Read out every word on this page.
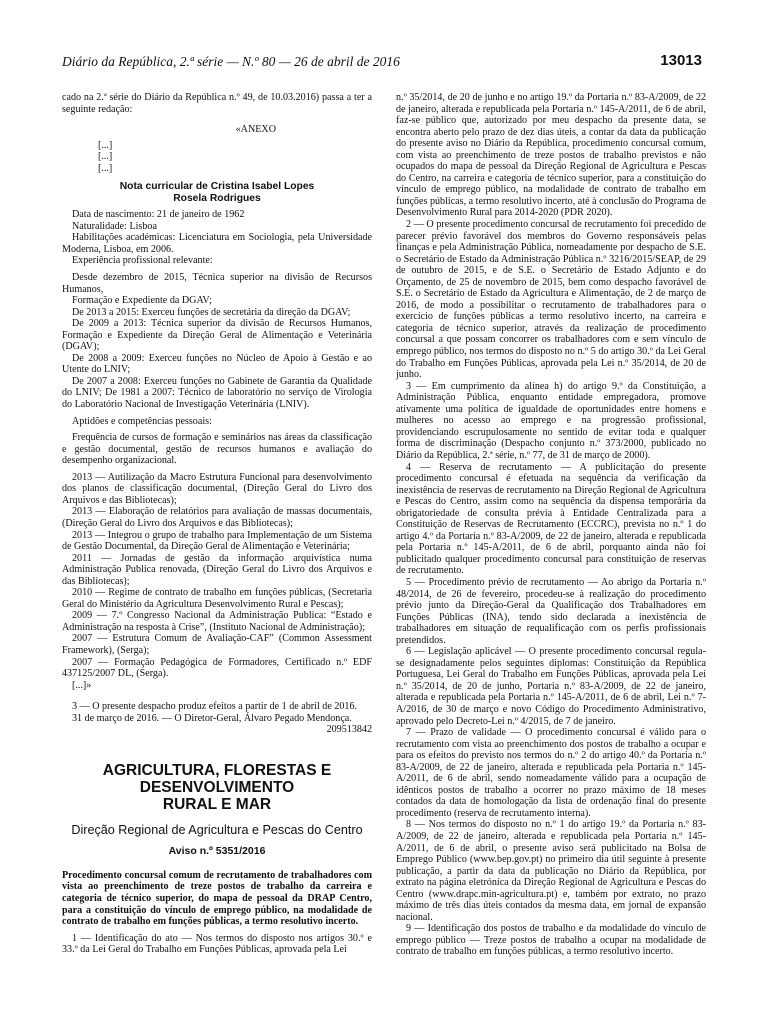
Diário da República, 2.ª série — N.º 80 — 26 de abril de 2016	13013

cado na 2.ª série do Diário da República n.º 49, de 10.03.2016) passa a ter a seguinte redação:

«ANEXO

[...]

[...]

[...]

Nota curricular de Cristina Isabel Lopes
Rosela Rodrigues

Data de nascimento: 21 de janeiro de 1962

Naturalidade: Lisboa

Habilitações académicas: Licenciatura em Sociologia, pela Universidade Moderna, Lisboa, em 2006.

Experiência profissional relevante:

Desde dezembro de 2015, Técnica superior na divisão de Recursos Humanos,

Formação e Expediente da DGAV;

De 2013 a 2015: Exerceu funções de secretária da direção da DGAV;

De 2009 a 2013: Técnica superior da divisão de Recursos Humanos, Formação e Expediente da Direção Geral de Alimentação e Veterinária (DGAV);

De 2008 a 2009: Exerceu funções no Núcleo de Apoio à Gestão e ao Utente do LNIV;

De 2007 a 2008: Exerceu funções no Gabinete de Garantia da Qualidade do LNIV; De 1981 a 2007: Técnico de laboratório no serviço de Virologia do Laboratório Nacional de Investigação Veterinária (LNIV).

Aptidões e competências pessoais:

Frequência de cursos de formação e seminários nas áreas da classificação e gestão documental, gestão de recursos humanos e avaliação do desempenho organizacional.

2013 — Autilização da Macro Estrutura Funcional para desenvolvimento dos planos de classificação documental, (Direção Geral do Livro dos Arquivos e das Bibliotecas);

2013 — Elaboração de relatórios para avaliação de massas documentais, (Direção Geral do Livro dos Arquivos e das Bibliotecas);

2013 — Integrou o grupo de trabalho para Implementação de um Sistema de Gestão Documental, da Direção Geral de Alimentação e Veterinária;

2011 — Jornadas de gestão da informação arquivística numa Administração Publica renovada, (Direção Geral do Livro dos Arquivos e das Bibliotecas);

2010 — Regime de contrato de trabalho em funções públicas, (Secretaria Geral do Ministério da Agricultura Desenvolvimento Rural e Pescas);

2009 — 7.º Congresso Nacional da Administração Publica: “Estado e Administração na resposta à Crise”, (Instituto Nacional de Administração);

2007 — Estrutura Comum de Avaliação-CAF” (Common Assessment Framework), (Serga);

2007 — Formação Pedagógica de Formadores, Certificado n.º EDF 437125/2007 DL, (Serga).

[...]»

3 — O presente despacho produz efeitos a partir de 1 de abril de 2016.

31 de março de 2016. — O Diretor-Geral, Álvaro Pegado Mendonça.

209513842
AGRICULTURA, FLORESTAS E DESENVOLVIMENTO
RURAL E MAR
Direção Regional de Agricultura e Pescas do Centro
Aviso n.º 5351/2016

Procedimento concursal comum de recrutamento de trabalhadores com vista ao preenchimento de treze postos de trabalho da carreira e categoria de técnico superior, do mapa de pessoal da DRAP Centro, para a constituição do vínculo de emprego público, na modalidade de contrato de trabalho em funções públicas, a termo resolutivo incerto.

1 — Identificação do ato — Nos termos do disposto nos artigos 30.º e 33.º da Lei Geral do Trabalho em Funções Públicas, aprovada pela Lei

n.º 35/2014, de 20 de junho e no artigo 19.º da Portaria n.º 83-A/2009, de 22 de janeiro, alterada e republicada pela Portaria n.º 145-A/2011, de 6 de abril, faz-se público que, autorizado por meu despacho da presente data, se encontra aberto pelo prazo de dez dias úteis, a contar da data da publicação do presente aviso no Diário da República, procedimento concursal comum, com vista ao preenchimento de treze postos de trabalho previstos e não ocupados do mapa de pessoal da Direção Regional de Agricultura e Pescas do Centro, na carreira e categoria de técnico superior, para a constituição do vínculo de emprego público, na modalidade de contrato de trabalho em funções públicas, a termo resolutivo incerto, até à conclusão do Programa de Desenvolvimento Rural para 2014-2020 (PDR 2020).

2 — O presente procedimento concursal de recrutamento foi precedido de parecer prévio favorável dos membros do Governo responsáveis pelas finanças e pela Administração Pública, nomeadamente por despacho de S.E. o Secretário de Estado da Administração Pública n.º 3216/2015/SEAP, de 29 de outubro de 2015, e de S.E. o Secretário de Estado Adjunto e do Orçamento, de 25 de novembro de 2015, bem como despacho favorável de S.E. o Secretário de Estado da Agricultura e Alimentação, de 2 de março de 2016, de modo a possibilitar o recrutamento de trabalhadores para o exercício de funções públicas a termo resolutivo incerto, na carreira e categoria de técnico superior, através da realização de procedimento concursal a que possam concorrer os trabalhadores com e sem vínculo de emprego público, nos termos do disposto no n.º 5 do artigo 30.º da Lei Geral do Trabalho em Funções Públicas, aprovada pela Lei n.º 35/2014, de 20 de junho.

3 — Em cumprimento da alínea h) do artigo 9.º da Constituição, a Administração Pública, enquanto entidade empregadora, promove ativamente uma política de igualdade de oportunidades entre homens e mulheres no acesso ao emprego e na progressão profissional, providenciando escrupulosamente no sentido de evitar toda e qualquer forma de discriminação (Despacho conjunto n.º 373/2000, publicado no Diário da República, 2.ª série, n.º 77, de 31 de março de 2000).

4 — Reserva de recrutamento — A publicitação do presente procedimento concursal é efetuada na sequência da verificação da inexistência de reservas de recrutamento na Direção Regional de Agricultura e Pescas do Centro, assim como na sequência da dispensa temporária da obrigatoriedade de consulta prévia à Entidade Centralizada para a Constituição de Reservas de Recrutamento (ECCRC), prevista no n.º 1 do artigo 4.º da Portaria n.º 83-A/2009, de 22 de janeiro, alterada e republicada pela Portaria n.º 145-A/2011, de 6 de abril, porquanto ainda não foi publicitado qualquer procedimento concursal para constituição de reservas de recrutamento.

5 — Procedimento prévio de recrutamento — Ao abrigo da Portaria n.º 48/2014, de 26 de fevereiro, procedeu-se à realização do procedimento prévio junto da Direção-Geral da Qualificação dos Trabalhadores em Funções Públicas (INA), tendo sido declarada a inexistência de trabalhadores em situação de requalificação com os perfis profissionais pretendidos.

6 — Legislação aplicável — O presente procedimento concursal regula-se designadamente pelos seguintes diplomas: Constituição da República Portuguesa, Lei Geral do Trabalho em Funções Públicas, aprovada pela Lei n.º 35/2014, de 20 de junho, Portaria n.º 83-A/2009, de 22 de janeiro, alterada e republicada pela Portaria n.º 145-A/2011, de 6 de abril, Lei n.º 7-A/2016, de 30 de março e novo Código do Procedimento Administrativo, aprovado pelo Decreto-Lei n.º 4/2015, de 7 de janeiro.

7 — Prazo de validade — O procedimento concursal é válido para o recrutamento com vista ao preenchimento dos postos de trabalho a ocupar e para os efeitos do previsto nos termos do n.º 2 do artigo 40.º da Portaria n.º 83-A/2009, de 22 de janeiro, alterada e republicada pela Portaria n.º 145-A/2011, de 6 de abril, sendo nomeadamente válido para a ocupação de idênticos postos de trabalho a ocorrer no prazo máximo de 18 meses contados da data de homologação da lista de ordenação final do presente procedimento (reserva de recrutamento interna).

8 — Nos termos do disposto no n.º 1 do artigo 19.º da Portaria n.º 83-A/2009, de 22 de janeiro, alterada e republicada pela Portaria n.º 145-A/2011, de 6 de abril, o presente aviso será publicitado na Bolsa de Emprego Público (www.bep.gov.pt) no primeiro dia útil seguinte à presente publicação, a partir da data da publicação no Diário da República, por extrato na página eletrónica da Direção Regional de Agricultura e Pescas do Centro (www.drapc.min-agricultura.pt) e, também por extrato, no prazo máximo de três dias úteis contados da mesma data, em jornal de expansão nacional.

9 — Identificação dos postos de trabalho e da modalidade do vínculo de emprego público — Treze postos de trabalho a ocupar na modalidade de contrato de trabalho em funções públicas, a termo resolutivo incerto.
